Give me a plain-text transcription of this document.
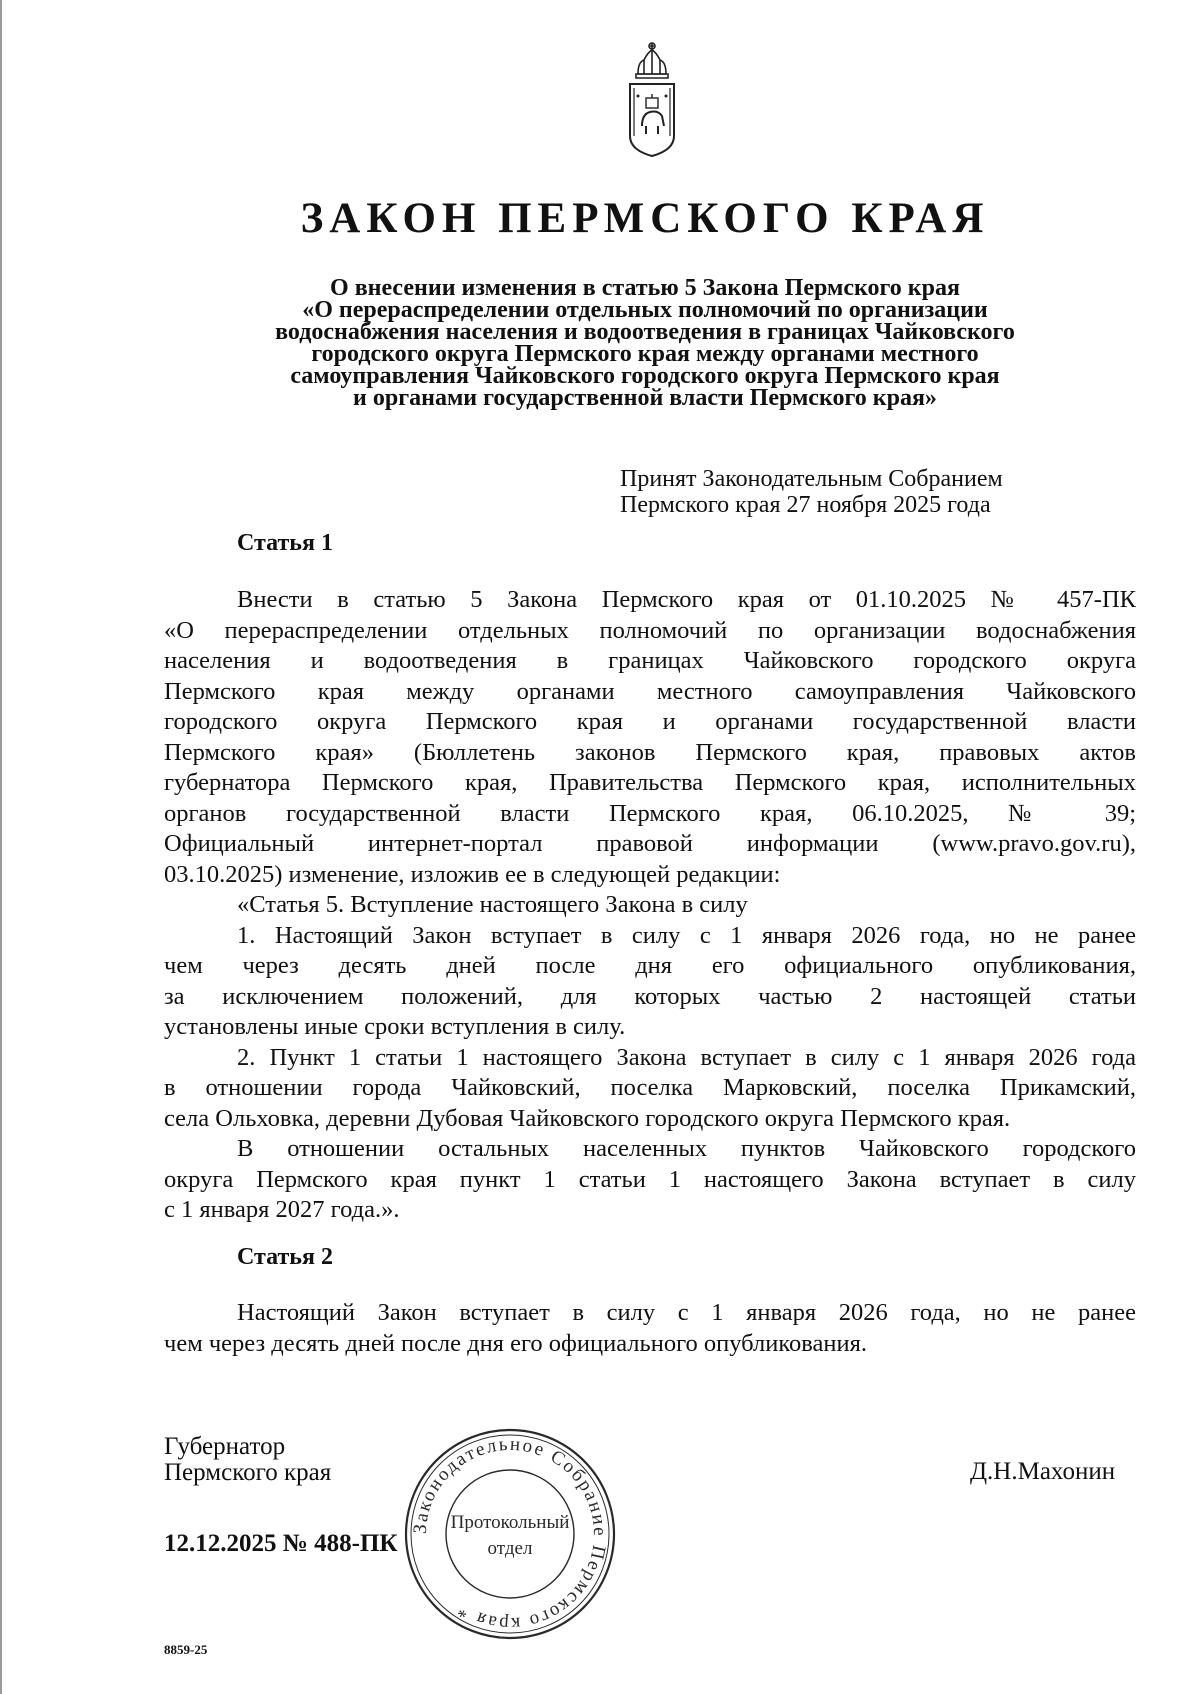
ЗАКОН ПЕРМСКОГО КРАЯ
О внесении изменения в статью 5 Закона Пермского края
«О перераспределении отдельных полномочий по организации
водоснабжения населения и водоотведения в границах Чайковского
городского округа Пермского края между органами местного
самоуправления Чайковского городского округа Пермского края
и органами государственной власти Пермского края»
Принят Законодательным Собранием
Пермского края 27 ноября 2025 года
Статья 1
Внести в статью 5 Закона Пермского края от 01.10.2025 № 457-ПК
«О перераспределении отдельных полномочий по организации водоснабжения
населения и водоотведения в границах Чайковского городского округа
Пермского края между органами местного самоуправления Чайковского
городского округа Пермского края и органами государственной власти
Пермского края» (Бюллетень законов Пермского края, правовых актов
губернатора Пермского края, Правительства Пермского края, исполнительных
органов государственной власти Пермского края, 06.10.2025, № 39;
Официальный интернет-портал правовой информации (www.pravo.gov.ru),
03.10.2025) изменение, изложив ее в следующей редакции:
«Статья 5. Вступление настоящего Закона в силу
1. Настоящий Закон вступает в силу с 1 января 2026 года, но не ранее
чем через десять дней после дня его официального опубликования,
за исключением положений, для которых частью 2 настоящей статьи
установлены иные сроки вступления в силу.
2. Пункт 1 статьи 1 настоящего Закона вступает в силу с 1 января 2026 года
в отношении города Чайковский, поселка Марковский, поселка Прикамский,
села Ольховка, деревни Дубовая Чайковского городского округа Пермского края.
В отношении остальных населенных пунктов Чайковского городского
округа Пермского края пункт 1 статьи 1 настоящего Закона вступает в силу
с 1 января 2027 года.».
Статья 2
Настоящий Закон вступает в силу с 1 января 2026 года, но не ранее
чем через десять дней после дня его официального опубликования.
Губернатор
Пермского края	Д.Н.Махонин
12.12.2025 № 488-ПК
Законодательное Собрание Пермского края *
Протокольный
отдел
8859-25
